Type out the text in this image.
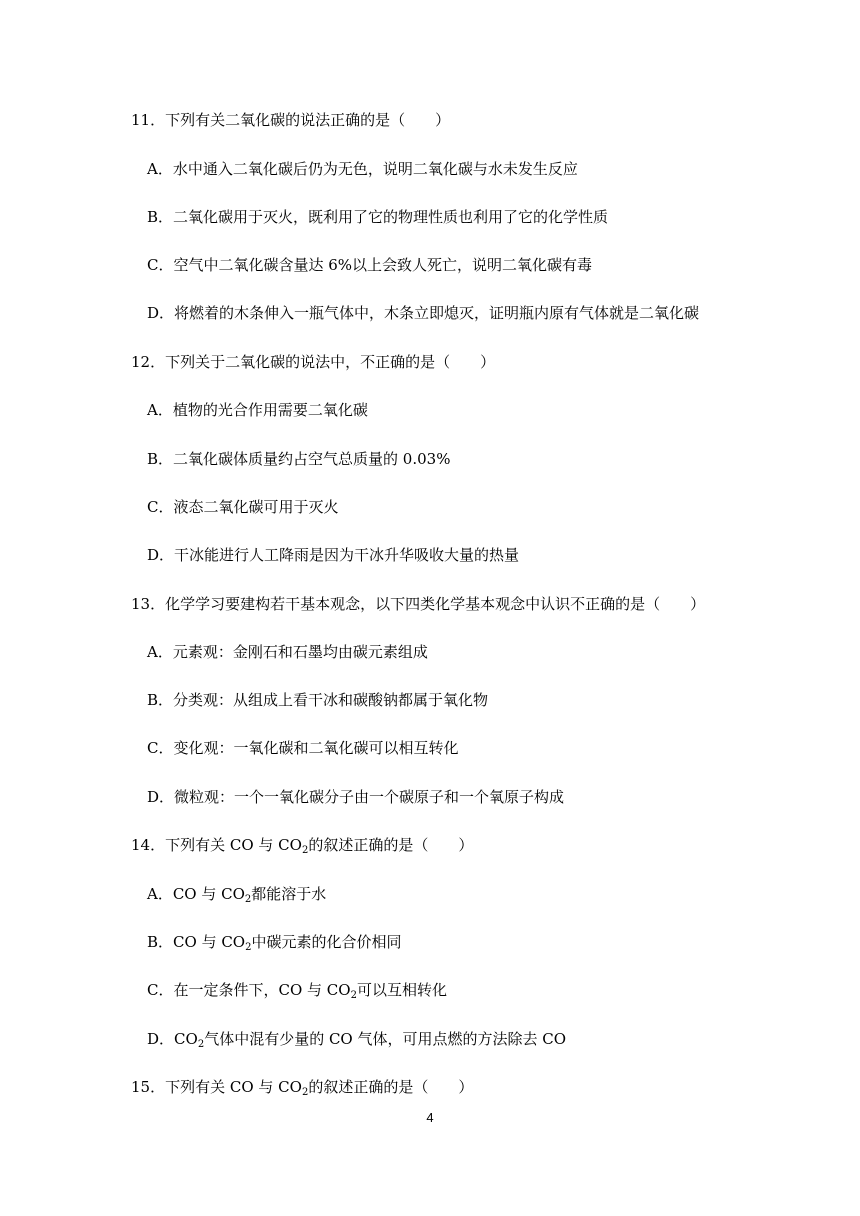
11．下列有关二氧化碳的说法正确的是（　　）
A．水中通入二氧化碳后仍为无色，说明二氧化碳与水未发生反应
B．二氧化碳用于灭火，既利用了它的物理性质也利用了它的化学性质
C．空气中二氧化碳含量达 6%以上会致人死亡，说明二氧化碳有毒
D．将燃着的木条伸入一瓶气体中，木条立即熄灭，证明瓶内原有气体就是二氧化碳
12．下列关于二氧化碳的说法中，不正确的是（　　）
A．植物的光合作用需要二氧化碳
B．二氧化碳体质量约占空气总质量的 0.03%
C．液态二氧化碳可用于灭火
D．干冰能进行人工降雨是因为干冰升华吸收大量的热量
13．化学学习要建构若干基本观念，以下四类化学基本观念中认识不正确的是（　　）
A．元素观：金刚石和石墨均由碳元素组成
B．分类观：从组成上看干冰和碳酸钠都属于氧化物
C．变化观：一氧化碳和二氧化碳可以相互转化
D．微粒观：一个一氧化碳分子由一个碳原子和一个氧原子构成
14．下列有关 CO 与 $CO_2$的叙述正确的是（　　）
A．CO 与 $CO_2$都能溶于水
B．CO 与 $CO_2$中碳元素的化合价相同
C．在一定条件下，CO 与 $CO_2$可以互相转化
D．$CO_2$气体中混有少量的 CO 气体，可用点燃的方法除去 CO
15．下列有关 CO 与 $CO_2$的叙述正确的是（　　）
4
